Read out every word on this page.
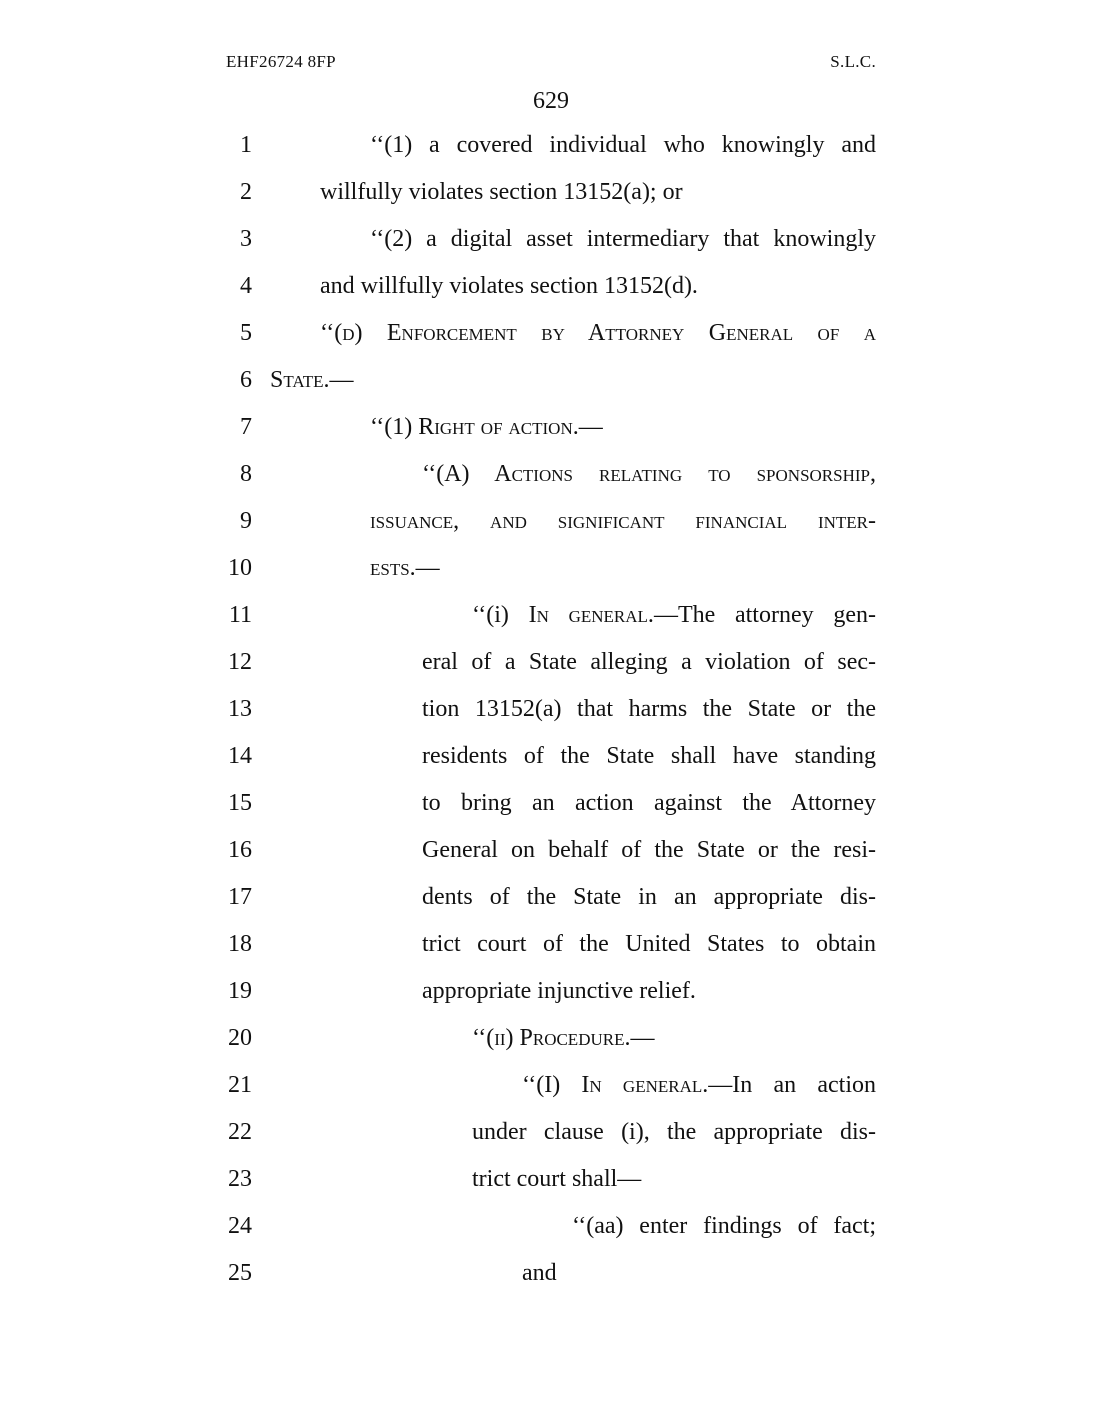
EHF26724 8FP	S.L.C.
629
1	‘‘(1) a covered individual who knowingly and
2	willfully violates section 13152(a); or
3	‘‘(2) a digital asset intermediary that knowingly
4	and willfully violates section 13152(d).
5	‘‘(d) Enforcement by Attorney General of a
6 State.—
7	‘‘(1) Right of action.—
8	‘‘(A) Actions relating to sponsorship,
9	issuance, and significant financial inter-
10	ests.—
11	‘‘(i) In general.—The attorney gen-
12	eral of a State alleging a violation of sec-
13	tion 13152(a) that harms the State or the
14	residents of the State shall have standing
15	to bring an action against the Attorney
16	General on behalf of the State or the resi-
17	dents of the State in an appropriate dis-
18	trict court of the United States to obtain
19	appropriate injunctive relief.
20	‘‘(ii) Procedure.—
21	‘‘(I) In general.—In an action
22	under clause (i), the appropriate dis-
23	trict court shall—
24	‘‘(aa) enter findings of fact;
25	and
